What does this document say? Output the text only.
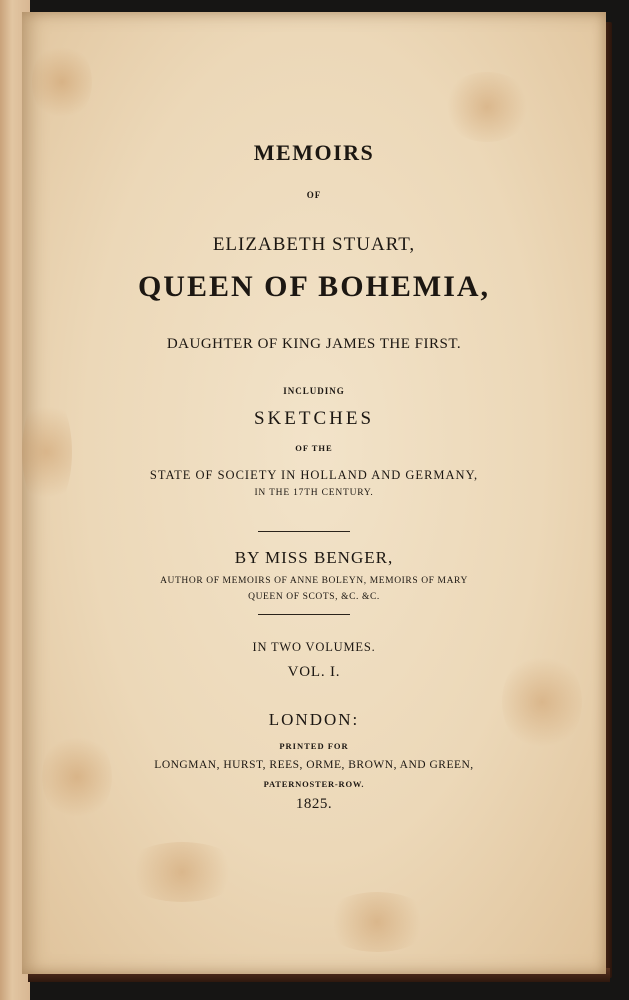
MEMOIRS
OF
ELIZABETH STUART,
QUEEN OF BOHEMIA,
DAUGHTER OF KING JAMES THE FIRST.
INCLUDING
SKETCHES
OF THE
STATE OF SOCIETY IN HOLLAND AND GERMANY,
IN THE 17TH CENTURY.
BY MISS BENGER,
AUTHOR OF MEMOIRS OF ANNE BOLEYN, MEMOIRS OF MARY
QUEEN OF SCOTS, &C. &C.
IN TWO VOLUMES.
VOL. I.
LONDON:
PRINTED FOR
LONGMAN, HURST, REES, ORME, BROWN, AND GREEN,
PATERNOSTER-ROW.
1825.
